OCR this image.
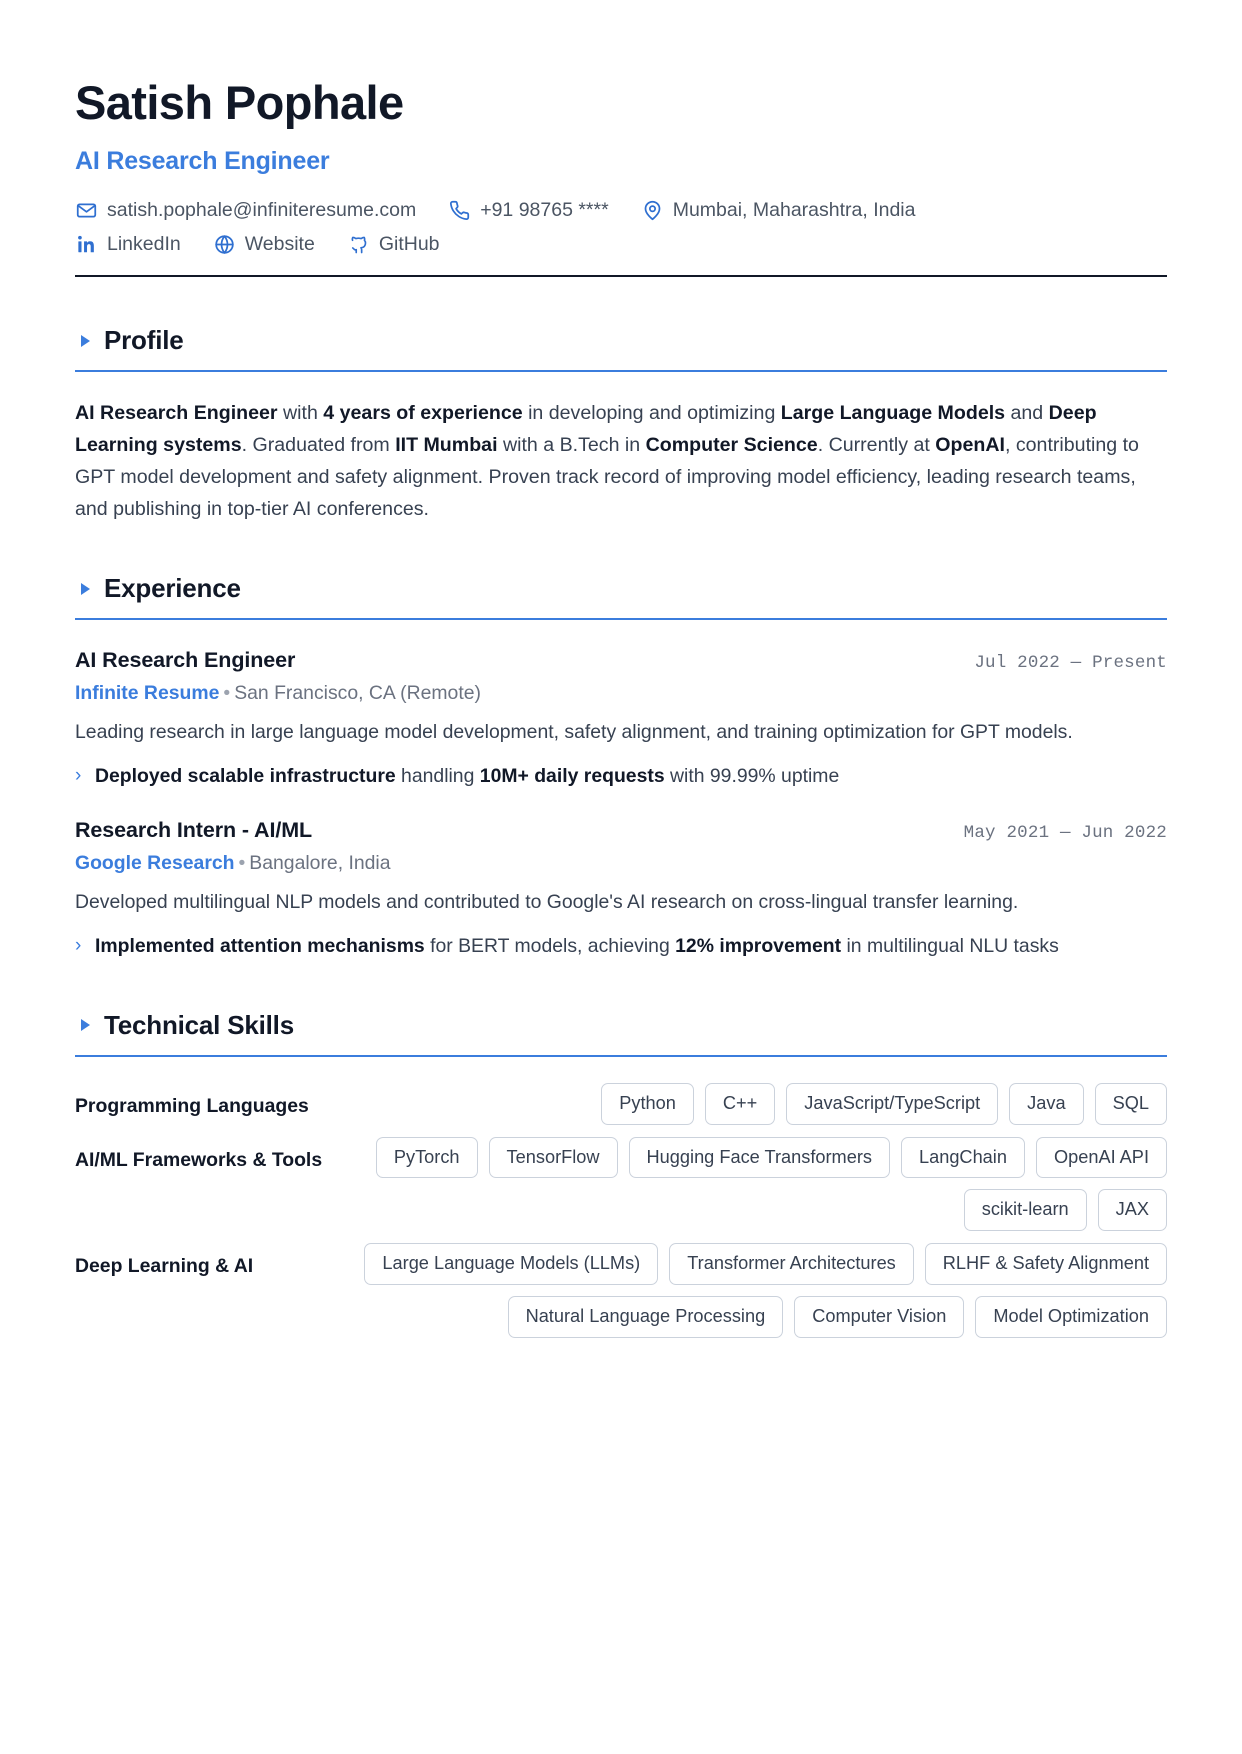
Satish Pophale
AI Research Engineer
satish.pophale@infiniteresume.com	+91 98765 ****	Mumbai, Maharashtra, India
LinkedIn	Website	GitHub
Profile

AI Research Engineer with 4 years of experience in developing and optimizing Large Language Models and Deep Learning systems. Graduated from IIT Mumbai with a B.Tech in Computer Science. Currently at OpenAI, contributing to GPT model development and safety alignment. Proven track record of improving model efficiency, leading research teams, and publishing in top-tier AI conferences.

Experience
AI Research Engineer	Jul 2022 — Present
Infinite Resume • San Francisco, CA (Remote)
Leading research in large language model development, safety alignment, and training optimization for GPT models.
› Deployed scalable infrastructure handling 10M+ daily requests with 99.99% uptime
Research Intern - AI/ML	May 2021 — Jun 2022
Google Research • Bangalore, India
Developed multilingual NLP models and contributed to Google's AI research on cross-lingual transfer learning.
› Implemented attention mechanisms for BERT models, achieving 12% improvement in multilingual NLU tasks
Technical Skills
Programming Languages	Python	C++	JavaScript/TypeScript	Java	SQL
AI/ML Frameworks & Tools	PyTorch	TensorFlow	Hugging Face Transformers	LangChain	OpenAI API
scikit-learn	JAX
Deep Learning & AI	Large Language Models (LLMs)	Transformer Architectures	RLHF & Safety Alignment
Natural Language Processing	Computer Vision	Model Optimization
